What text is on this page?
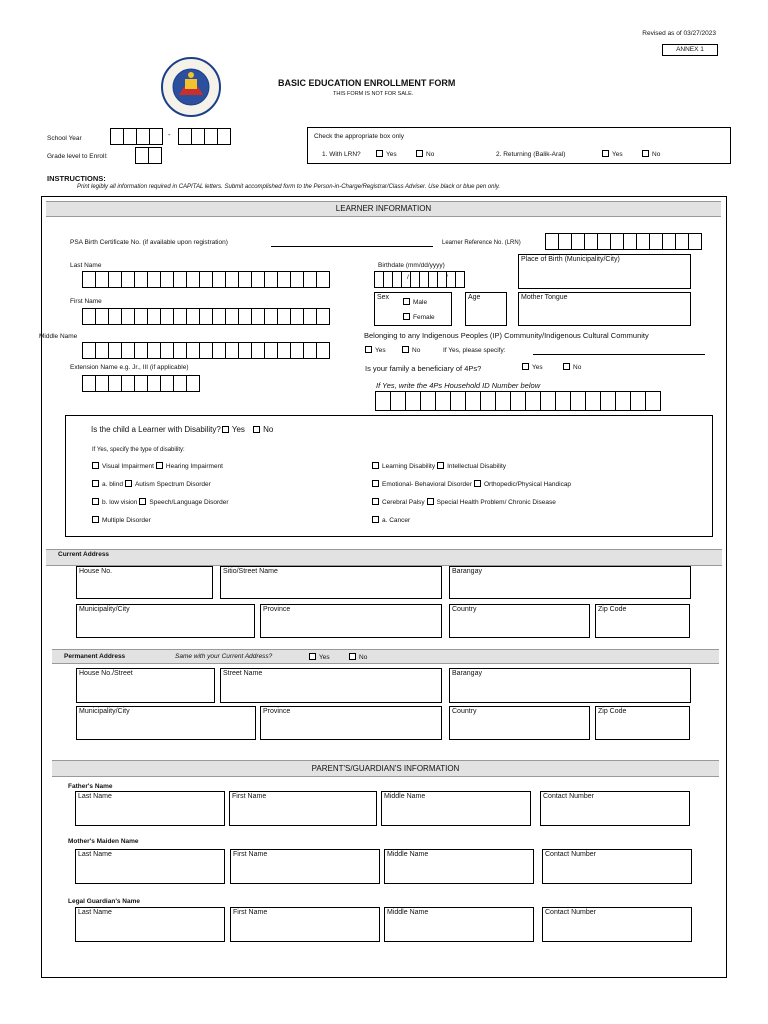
Revised as of 03/27/2023
ANNEX 1
BASIC EDUCATION ENROLLMENT FORM
THIS FORM IS NOT FOR SALE.
School Year	-
Grade level to Enroll:
Check the appropriate box only
1. With LRN?	Yes	No	2. Returning (Balik-Aral)	Yes	No
INSTRUCTIONS:
Print legibly all information required in CAPITAL letters. Submit accomplished form to the Person-in-Charge/Registrar/Class Adviser. Use black or blue pen only.
LEARNER INFORMATION
PSA Birth Certificate No. (if available upon registration)	Learner Reference No. (LRN)
Last Name
First Name
Middle Name
Extension Name e.g. Jr., III (if applicable)
Birthdate (mm/dd/yyyy)
/	/
Place of Birth (Municipality/City)
Sex
Male
Female
Age	Mother Tongue
Belonging to any Indigenous Peoples (IP) Community/Indigenous Cultural Community
Yes	No	If Yes, please specify:
Is your family a beneficiary of 4Ps?	Yes	No
If Yes, write the 4Ps Household ID Number below
Is the child a Learner with Disability? Yes No
If Yes, specify the type of disability:
Visual Impairment Hearing Impairment
a. blind Autism Spectrum Disorder
b. low vision Speech/Language Disorder
Multiple Disorder
Learning Disability Intellectual Disability
Emotional- Behavioral Disorder Orthopedic/Physical Handicap
Cerebral Palsy Special Health Problem/ Chronic Disease
a. Cancer
Current Address
House No.	Sitio/Street Name	Barangay
Municipality/City	Province	Country	Zip Code
Permanent Address	Same with your Current Address?	Yes	No
House No./Street	Street Name	Barangay
Municipality/City	Province	Country	Zip Code
PARENT'S/GUARDIAN'S INFORMATION
Father's Name
Last Name	First Name	Middle Name	Contact Number
Mother's Maiden Name
Last Name	First Name	Middle Name	Contact Number
Legal Guardian's Name
Last Name	First Name	Middle Name	Contact Number
